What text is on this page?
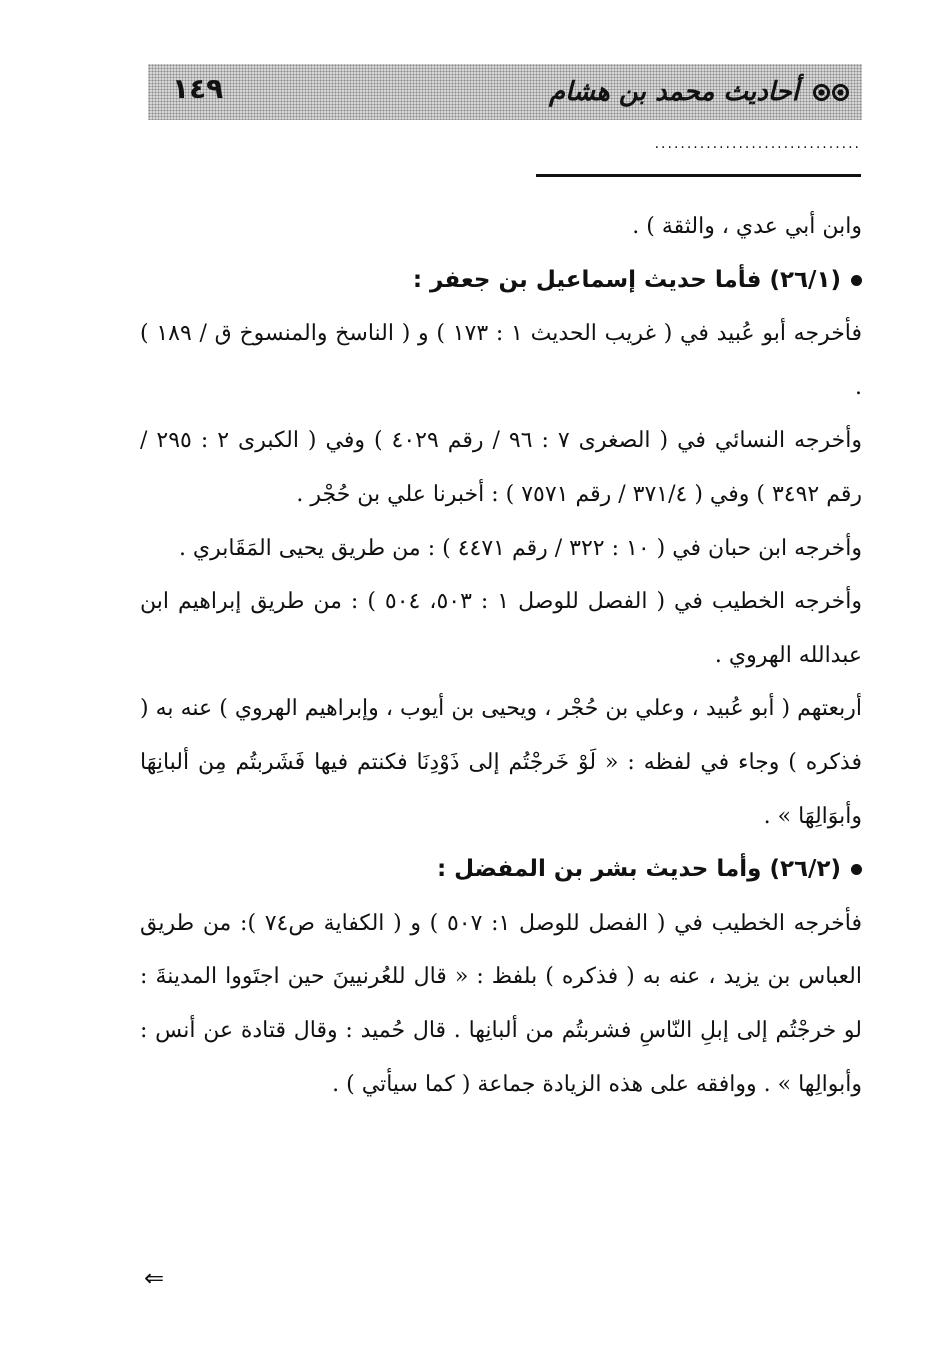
١٤٩	أحاديث محمد بن هشام
................................

وابن أبي عدي ، والثقة ) .

(٢٦/١) فأما حديث إسماعيل بن جعفر :

فأخرجه أبو عُبيد في ( غريب الحديث ١ : ١٧٣ ) و ( الناسخ والمنسوخ ق / ١٨٩ ) .

وأخرجه النسائي في ( الصغرى ٧ : ٩٦ / رقم ٤٠٢٩ ) وفي ( الكبرى ٢ : ٢٩٥ / رقم ٣٤٩٢ ) وفي ( ٣٧١/٤ / رقم ٧٥٧١ ) : أخبرنا علي بن حُجْر .

وأخرجه ابن حبان في ( ١٠ : ٣٢٢ / رقم ٤٤٧١ ) : من طريق يحيى المَقَابري .

وأخرجه الخطيب في ( الفصل للوصل ١ : ٥٠٣، ٥٠٤ ) : من طريق إبراهيم ابن عبدالله الهروي .

أربعتهم ( أبو عُبيد ، وعلي بن حُجْر ، ويحيى بن أيوب ، وإبراهيم الهروي ) عنه به ( فذكره ) وجاء في لفظه : « لَوْ خَرجْتُم إلى ذَوْدِنَا فكنتم فيها فَشَربتُم مِن ألبانِهَا وأبوَالِهَا » .

(٢٦/٢) وأما حديث بشر بن المفضل :

فأخرجه الخطيب في ( الفصل للوصل ١: ٥٠٧ ) و ( الكفاية ص٧٤ ): من طريق العباس بن يزيد ، عنه به ( فذكره ) بلفظ : « قال للعُرنيينَ حين اجتَووا المدينةَ : لو خرجْتُم إلى إبلِ النّاسِ فشربتُم من ألبانِها . قال حُميد : وقال قتادة عن أنس : وأبوالِها » . ووافقه على هذه الزيادة جماعة ( كما سيأتي ) .

⇐
